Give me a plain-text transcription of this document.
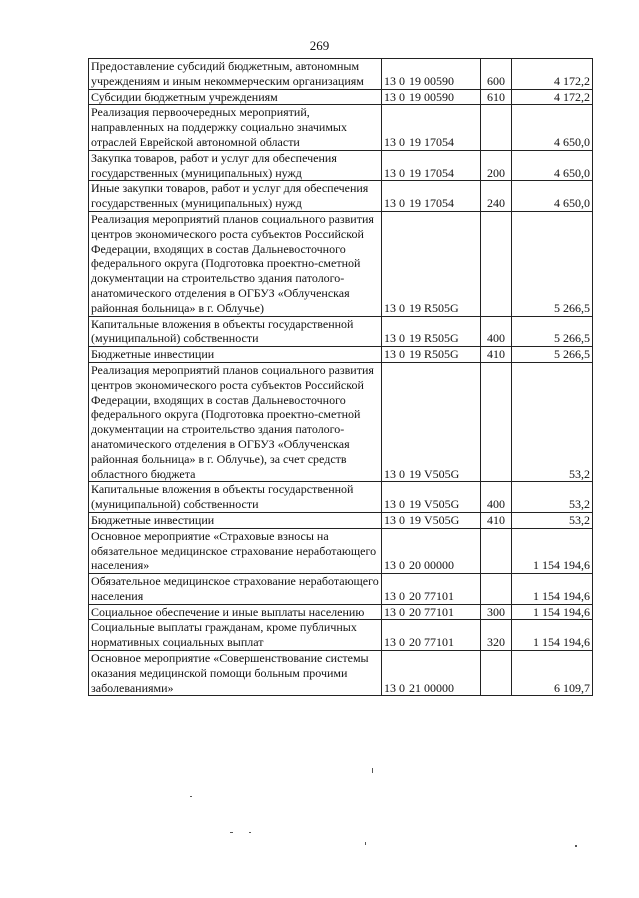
269
Предоставление субсидий бюджетным, автономным учреждениям и иным некоммерческим организациям	13 0 19 00590	600	4 172,2
Субсидии бюджетным учреждениям	13 0 19 00590	610	4 172,2
Реализация первоочередных мероприятий, направленных на поддержку социально значимых отраслей Еврейской автономной области	13 0 19 17054		4 650,0
Закупка товаров, работ и услуг для обеспечения государственных (муниципальных) нужд	13 0 19 17054	200	4 650,0
Иные закупки товаров, работ и услуг для обеспечения государственных (муниципальных) нужд	13 0 19 17054	240	4 650,0
Реализация мероприятий планов социального развития центров экономического роста субъектов Российской Федерации, входящих в состав Дальневосточного федерального округа (Подготовка проектно-сметной документации на строительство здания патолого-анатомического отделения в ОГБУЗ «Облученская районная больница» в г. Облучье)	13 0 19 R505G		5 266,5
Капитальные вложения в объекты государственной (муниципальной) собственности	13 0 19 R505G	400	5 266,5
Бюджетные инвестиции	13 0 19 R505G	410	5 266,5
Реализация мероприятий планов социального развития центров экономического роста субъектов Российской Федерации, входящих в состав Дальневосточного федерального округа (Подготовка проектно-сметной документации на строительство здания патолого-анатомического отделения в ОГБУЗ «Облученская районная больница» в г. Облучье), за счет средств областного бюджета	13 0 19 V505G		53,2
Капитальные вложения в объекты государственной (муниципальной) собственности	13 0 19 V505G	400	53,2
Бюджетные инвестиции	13 0 19 V505G	410	53,2
Основное мероприятие «Страховые взносы на обязательное медицинское страхование неработающего населения»	13 0 20 00000		1 154 194,6
Обязательное медицинское страхование неработающего населения	13 0 20 77101		1 154 194,6
Социальное обеспечение и иные выплаты населению	13 0 20 77101	300	1 154 194,6
Социальные выплаты гражданам, кроме публичных нормативных социальных выплат	13 0 20 77101	320	1 154 194,6
Основное мероприятие «Совершенствование системы оказания медицинской помощи больным прочими заболеваниями»	13 0 21 00000		6 109,7
